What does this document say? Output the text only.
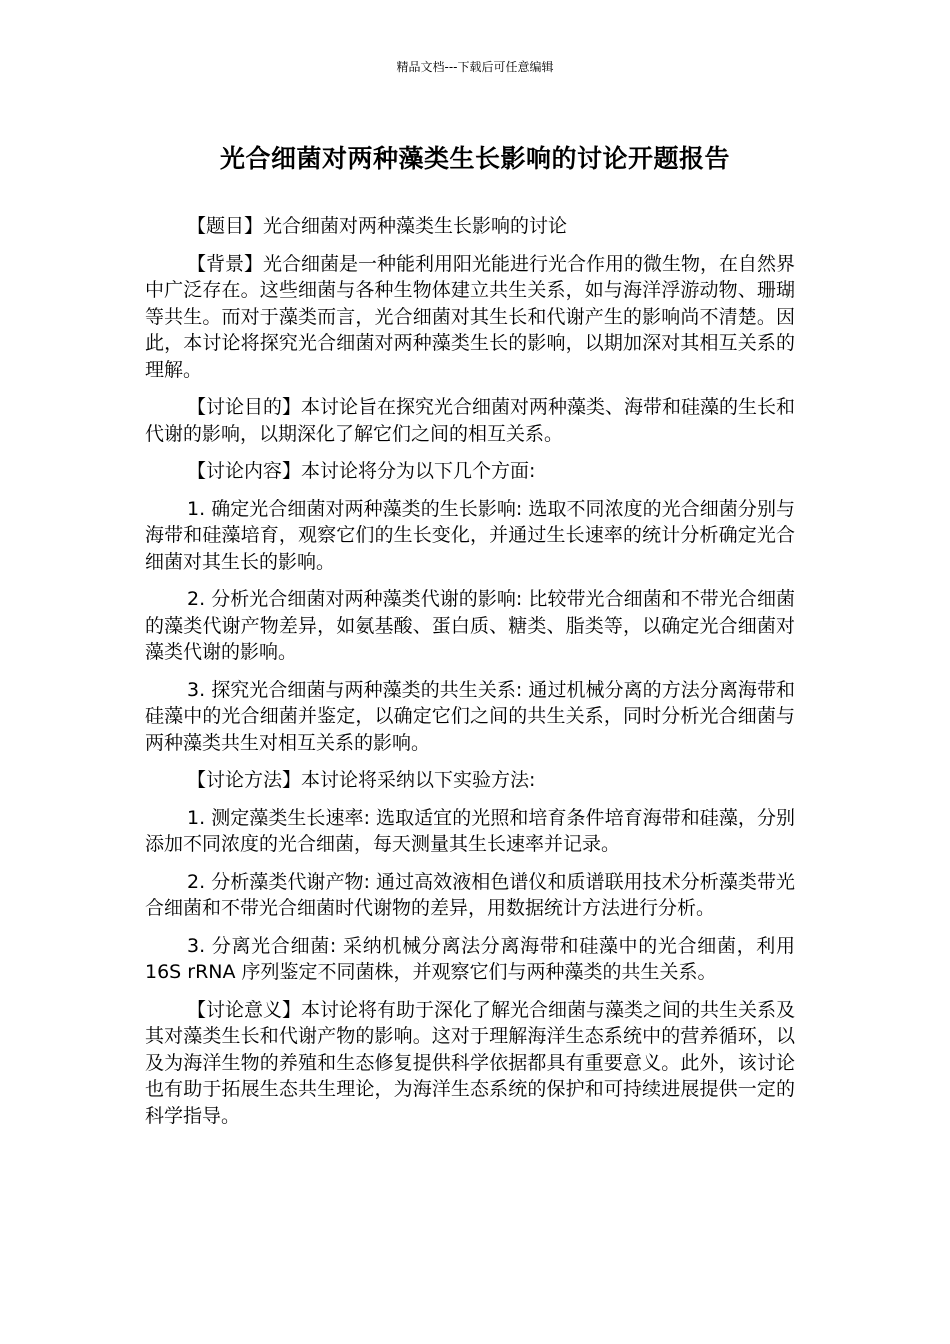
精品文档---下载后可任意编辑
光合细菌对两种藻类生长影响的讨论开题报告

【题目】光合细菌对两种藻类生长影响的讨论

【背景】光合细菌是一种能利用阳光能进行光合作用的微生物，在自然界中广泛存在。这些细菌与各种生物体建立共生关系，如与海洋浮游动物、珊瑚等共生。而对于藻类而言，光合细菌对其生长和代谢产生的影响尚不清楚。因此，本讨论将探究光合细菌对两种藻类生长的影响，以期加深对其相互关系的理解。

【讨论目的】本讨论旨在探究光合细菌对两种藻类、海带和硅藻的生长和代谢的影响，以期深化了解它们之间的相互关系。

【讨论内容】本讨论将分为以下几个方面:

1. 确定光合细菌对两种藻类的生长影响: 选取不同浓度的光合细菌分别与海带和硅藻培育，观察它们的生长变化，并通过生长速率的统计分析确定光合细菌对其生长的影响。

2. 分析光合细菌对两种藻类代谢的影响: 比较带光合细菌和不带光合细菌的藻类代谢产物差异，如氨基酸、蛋白质、糖类、脂类等，以确定光合细菌对藻类代谢的影响。

3. 探究光合细菌与两种藻类的共生关系: 通过机械分离的方法分离海带和硅藻中的光合细菌并鉴定，以确定它们之间的共生关系，同时分析光合细菌与两种藻类共生对相互关系的影响。

【讨论方法】本讨论将采纳以下实验方法:

1. 测定藻类生长速率: 选取适宜的光照和培育条件培育海带和硅藻，分别添加不同浓度的光合细菌，每天测量其生长速率并记录。

2. 分析藻类代谢产物: 通过高效液相色谱仪和质谱联用技术分析藻类带光合细菌和不带光合细菌时代谢物的差异，用数据统计方法进行分析。

3. 分离光合细菌: 采纳机械分离法分离海带和硅藻中的光合细菌，利用 16S rRNA 序列鉴定不同菌株，并观察它们与两种藻类的共生关系。

【讨论意义】本讨论将有助于深化了解光合细菌与藻类之间的共生关系及其对藻类生长和代谢产物的影响。这对于理解海洋生态系统中的营养循环，以及为海洋生物的养殖和生态修复提供科学依据都具有重要意义。此外，该讨论也有助于拓展生态共生理论，为海洋生态系统的保护和可持续进展提供一定的科学指导。
